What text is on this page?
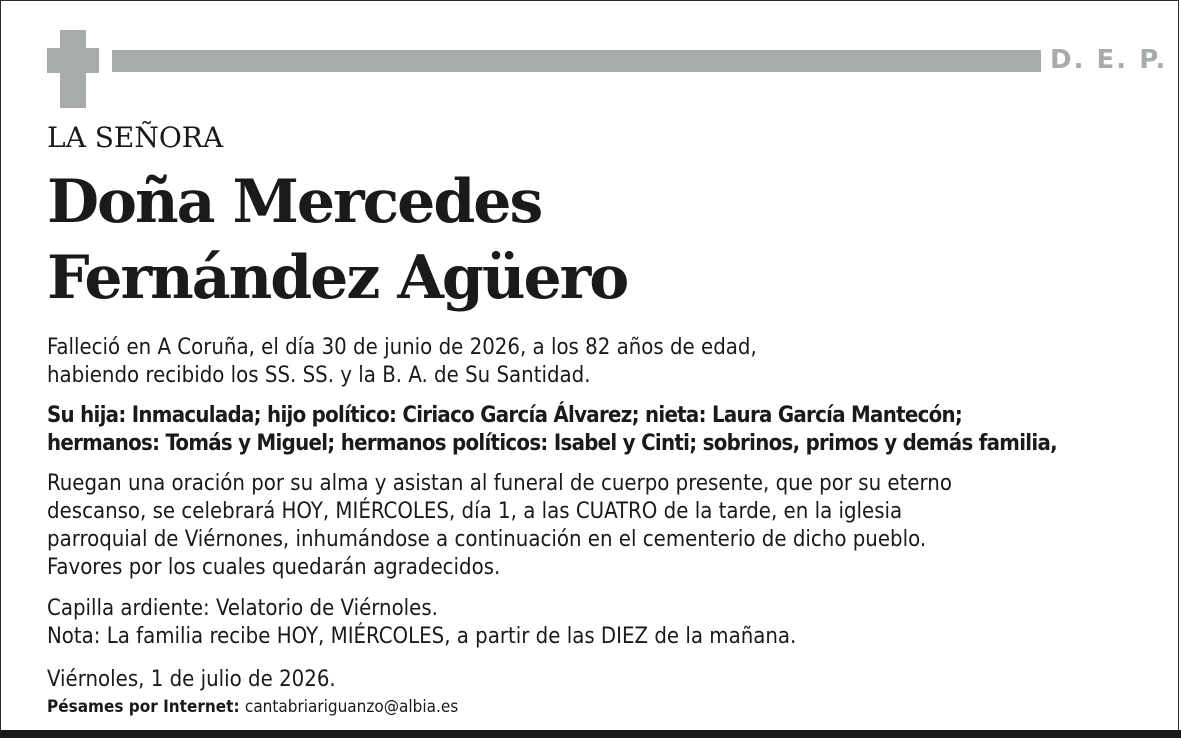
D. E. P.
LA SEÑORA
Doña Mercedes
Fernández Agüero
Falleció en A Coruña, el día 30 de junio de 2026, a los 82 años de edad,
habiendo recibido los SS. SS. y la B. A. de Su Santidad.
Su hija: Inmaculada; hijo político: Ciriaco García Álvarez; nieta: Laura García Mantecón;
hermanos: Tomás y Miguel; hermanos políticos: Isabel y Cinti; sobrinos, primos y demás familia,
Ruegan una oración por su alma y asistan al funeral de cuerpo presente, que por su eterno
descanso, se celebrará HOY, MIÉRCOLES, día 1, a las CUATRO de la tarde, en la iglesia
parroquial de Viérnones, inhumándose a continuación en el cementerio de dicho pueblo.
Favores por los cuales quedarán agradecidos.
Capilla ardiente: Velatorio de Viérnoles.
Nota: La familia recibe HOY, MIÉRCOLES, a partir de las DIEZ de la mañana.
Viérnoles, 1 de julio de 2026.
Pésames por Internet: cantabriariguanzo@albia.es
